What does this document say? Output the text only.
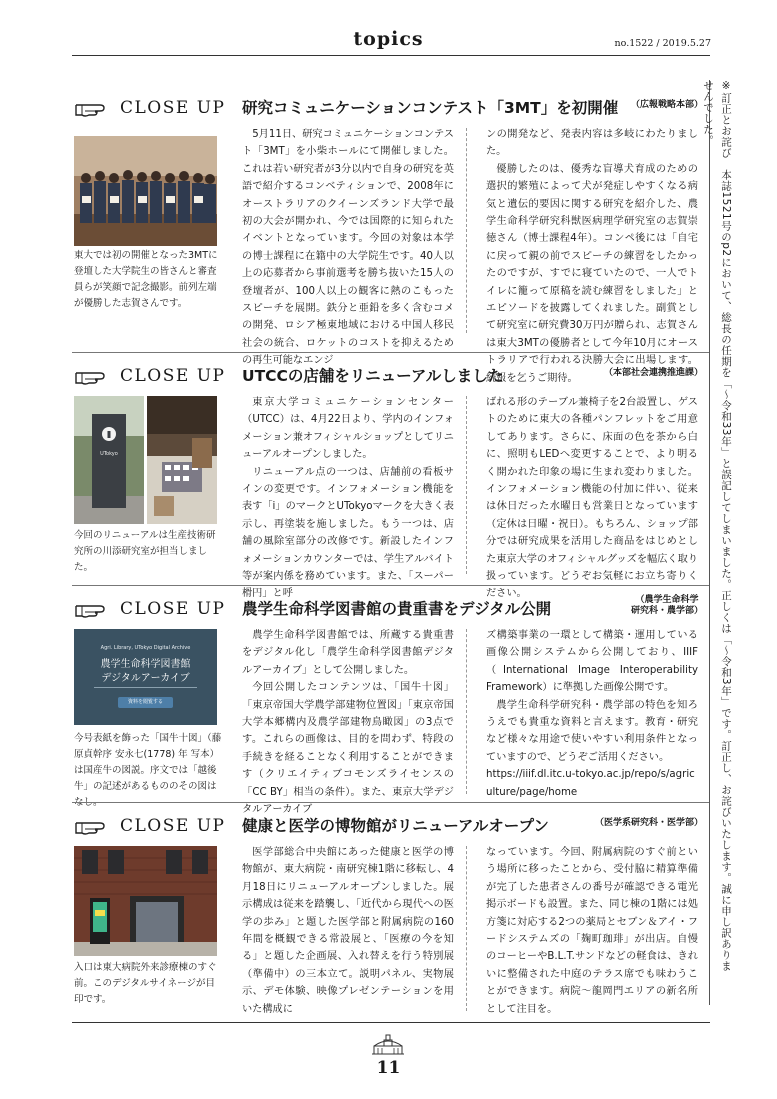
topics	no.1522 / 2019.5.27
※訂正とお詫び　本誌1521号のp2において、総長の任期を「〜令和33年」と誤記してしまいました。正しくは「〜令和3年」です。訂正し、お詫びいたします。誠に申し訳ありませんでした。
CLOSE UP 研究コミュニケーションコンテスト「3MT」を初開催 （広報戦略本部）
東大では初の開催となった3MTに登壇した大学院生の皆さんと審査員らが笑顔で記念撮影。前列左端が優勝した志賀さんです。

5月11日、研究コミュニケーションコンテスト「3MT」を小柴ホールにて開催しました。これは若い研究者が3分以内で自身の研究を英語で紹介するコンベティションで、2008年にオーストラリアのクイーンズランド大学で最初の大会が開かれ、今では国際的に知られたイベントとなっています。今回の対象は本学の博士課程に在籍中の大学院生です。40人以上の応募者から事前選考を勝ち抜いた15人の登壇者が、100人以上の観客に熱のこもったスピーチを展開。鉄分と亜鉛を多く含むコメの開発、ロシア極東地域における中国人移民社会の統合、ロケットのコストを抑えるための再生可能なエンジ

ンの開発など、発表内容は多岐にわたりました。

優勝したのは、優秀な盲導犬育成のための選択的繁殖によって犬が発症しやすくなる病気と遺伝的要因に関する研究を紹介した、農学生命科学研究科獣医病理学研究室の志賀崇徳さん（博士課程4年）。コンペ後には「自宅に戻って親の前でスピーチの練習をしたかったのですが、すでに寝ていたので、一人でトイレに籠って原稿を読む練習をしました」とエピソードを披露してくれました。副賞として研究室に研究費30万円が贈られ、志賀さんは東大3MTの優勝者として今年10月にオーストラリアで行われる決勝大会に出場します。続報を乞うご期待。

CLOSE UP UTCCの店舗をリニューアルしました	（本部社会連携推進課）
UTokyo
今回のリニューアルは生産技術研究所の川添研究室が担当しました。

東京大学コミュニケーションセンター（UTCC）は、4月22日より、学内のインフォメーション兼オフィシャルショップとしてリニューアルオープンしました。

リニューアル点の一つは、店舗前の看板サインの変更です。インフォメーション機能を表す「i」のマークとUTokyoマークを大きく表示し、再塗装を施しました。もう一つは、店舗の風除室部分の改修です。新設したインフォメーションカウンターでは、学生アルバイト等が案内係を務めています。また、「スーパー榾円」と呼

ばれる形のテーブル兼椅子を2台設置し、ゲストのために東大の各種パンフレットをご用意してあります。さらに、床面の色を茶から白に、照明もLEDへ変更することで、より明るく開かれた印象の場に生まれ変わりました。インフォメーション機能の付加に伴い、従来は休日だった水曜日も営業日となっています（定休は日曜・祝日）。もちろん、ショップ部分では研究成果を活用した商品をはじめとした東京大学のオフィシャルグッズを幅広く取り扱っています。どうぞお気軽にお立ち寄りください。

CLOSE UP 農学生命科学図書館の貴重書をデジタル公開	（農学生命科学
研究科・農学部）
Agri. Library, UTokyo Digital Archive
農学生命科学図書館
デジタルアーカイブ
資料を閲覧する
今号表紙を飾った「国牛十図」（藤原貞幹序 安永七(1778) 年 写本）は国産牛の図説。序文では「越後牛」の記述があるもののその図はなし。

農学生命科学図書館では、所蔵する貴重書をデジタル化し「農学生命科学図書館デジタルアーカイブ」として公開しました。

今回公開したコンテンツは、「国牛十図」「東京帝国大学農学部建物位置図」「東京帝国大学本郷構内及農学部建物鳥瞰図」の3点です。これらの画像は、目的を問わず、特段の手続きを経ることなく利用することができます（クリエイティブコモンズライセンスの「CC BY」相当の条件）。また、東京大学デジタルアーカイブ

ズ構築事業の一環として構築・運用している画像公開システムから公開しており、IIIF（International Image Interoperability Framework）に準拠した画像公開です。

農学生命科学研究科・農学部の特色を知ろうえでも貴重な資料と言えます。教育・研究など様々な用途で使いやすい利用条件となっていますので、どうぞご活用ください。

https://iiif.dl.itc.u-tokyo.ac.jp/repo/s/agriculture/page/home

CLOSE UP 健康と医学の博物館がリニューアルオープン	（医学系研究科・医学部）
入口は東大病院外来診療棟のすぐ前。このデジタルサイネージが目印です。

医学部総合中央館にあった健康と医学の博物館が、東大病院・南研究棟1階に移転し、4月18日にリニューアルオープンしました。展示構成は従来を踏襲し、「近代から現代への医学の歩み」と題した医学部と附属病院の160年間を概観できる常設展と、「医療の今を知る」と題した企画展、入れ替えを行う特別展（準備中）の三本立て。説明パネル、実物展示、デモ体験、映像プレゼンテーションを用いた構成に

なっています。今回、附属病院のすぐ前という場所に移ったことから、受付脇に精算準備が完了した患者さんの番号が確認できる電光掲示ボードも設置。また、同じ棟の1階には処方箋に対応する2つの薬局とセブン＆アイ・フードシステムズの「麹町珈琲」が出店。自慢のコーヒーやB.L.T.サンドなどの軽食は、きれいに整備された中庭のテラス席でも味わうことができます。病院〜龍岡門エリアの新名所として注目を。

11
